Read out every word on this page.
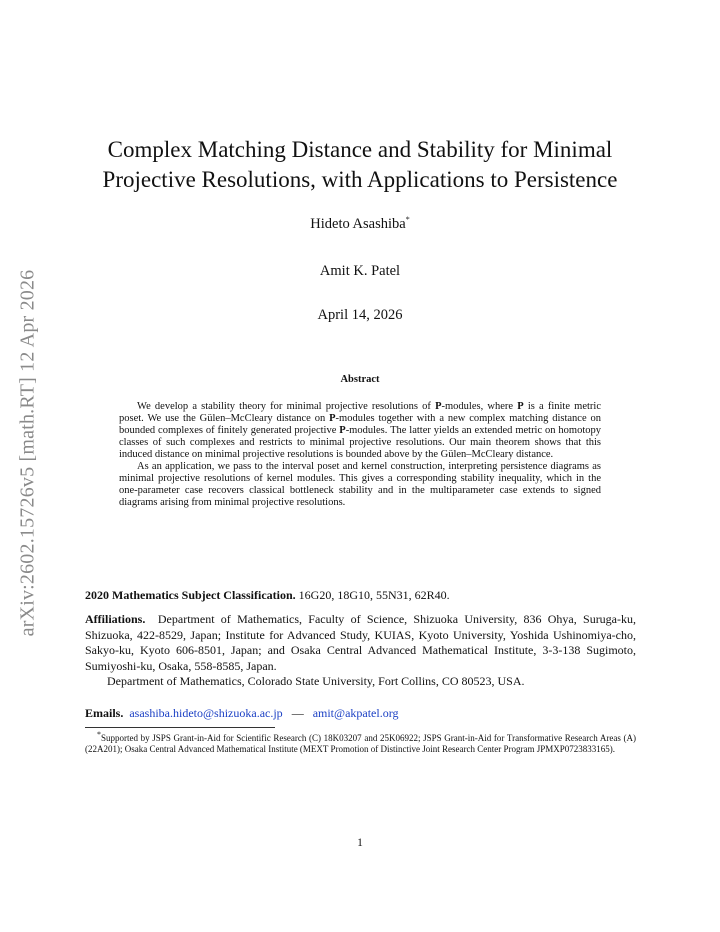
arXiv:2602.15726v5 [math.RT] 12 Apr 2026
Complex Matching Distance and Stability for Minimal
Projective Resolutions, with Applications to Persistence
Hideto Asashiba*
Amit K. Patel
April 14, 2026
Abstract

We develop a stability theory for minimal projective resolutions of P-modules, where P is a finite metric poset. We use the Gülen–McCleary distance on P-modules together with a new complex matching distance on bounded complexes of finitely generated projective P-modules. The latter yields an extended metric on homotopy classes of such complexes and restricts to minimal projective resolutions. Our main theorem shows that this induced distance on minimal projective resolutions is bounded above by the Gülen–McCleary distance.

As an application, we pass to the interval poset and kernel construction, interpreting persistence diagrams as minimal projective resolutions of kernel modules. This gives a corresponding stability inequality, which in the one-parameter case recovers classical bottleneck stability and in the multiparameter case extends to signed diagrams arising from minimal projective resolutions.

2020 Mathematics Subject Classification. 16G20, 18G10, 55N31, 62R40.

Affiliations. Department of Mathematics, Faculty of Science, Shizuoka University, 836 Ohya, Suruga-ku, Shizuoka, 422-8529, Japan; Institute for Advanced Study, KUIAS, Kyoto University, Yoshida Ushinomiya-cho, Sakyo-ku, Kyoto 606-8501, Japan; and Osaka Central Advanced Mathematical Institute, 3-3-138 Sugimoto, Sumiyoshi-ku, Osaka, 558-8585, Japan.

Department of Mathematics, Colorado State University, Fort Collins, CO 80523, USA.

Emails. asashiba.hideto@shizuoka.ac.jp — amit@akpatel.org

*Supported by JSPS Grant-in-Aid for Scientific Research (C) 18K03207 and 25K06922; JSPS Grant-in-Aid for Transformative Research Areas (A) (22A201); Osaka Central Advanced Mathematical Institute (MEXT Promotion of Distinctive Joint Research Center Program JPMXP0723833165).

1
